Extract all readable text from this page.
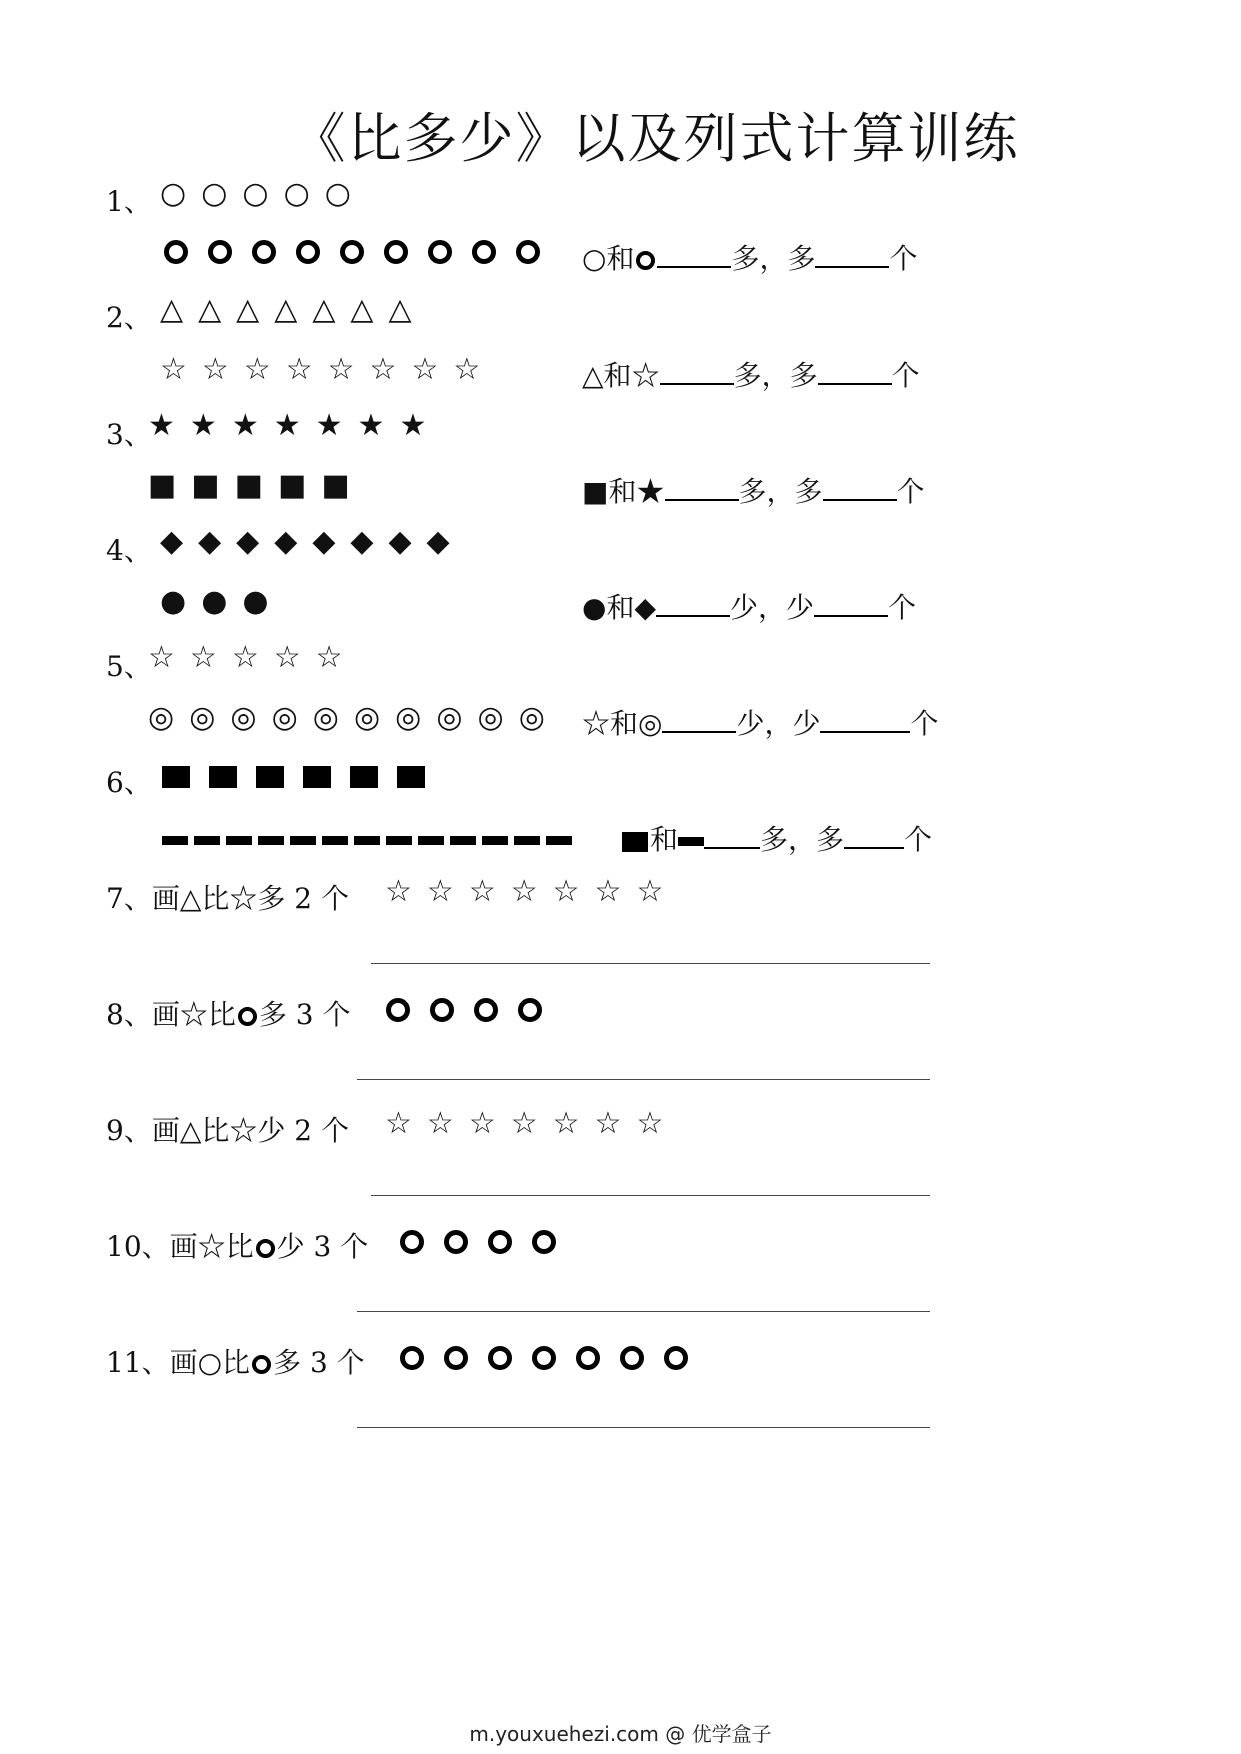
《比多少》以及列式计算训练
1、 ○ ○ ○ ○ ○
○和	多，多	个
2、 △ △ △ △ △ △ △
☆ ☆ ☆ ☆ ☆ ☆ ☆ ☆	△和☆	多，多	个
3、
★ ★ ★ ★ ★ ★ ★
■ ■ ■ ■ ■	■和★	多，多	个
4、 ◆ ◆ ◆ ◆ ◆ ◆ ◆ ◆
● ● ●	●和◆	少，少	个
5、
☆ ☆ ☆ ☆ ☆
◎ ◎ ◎ ◎ ◎ ◎ ◎ ◎ ◎ ◎	☆和◎	少，少	个
6、
和	多，多 个
7、画△比☆多 2 个 ☆ ☆ ☆ ☆ ☆ ☆ ☆
8、画☆比 多 3 个
9、画△比☆少 2 个 ☆ ☆ ☆ ☆ ☆ ☆ ☆
10、画☆比 少 3 个
11、画○比 多 3 个
m.youxuehezi.com @ 优学盒子
